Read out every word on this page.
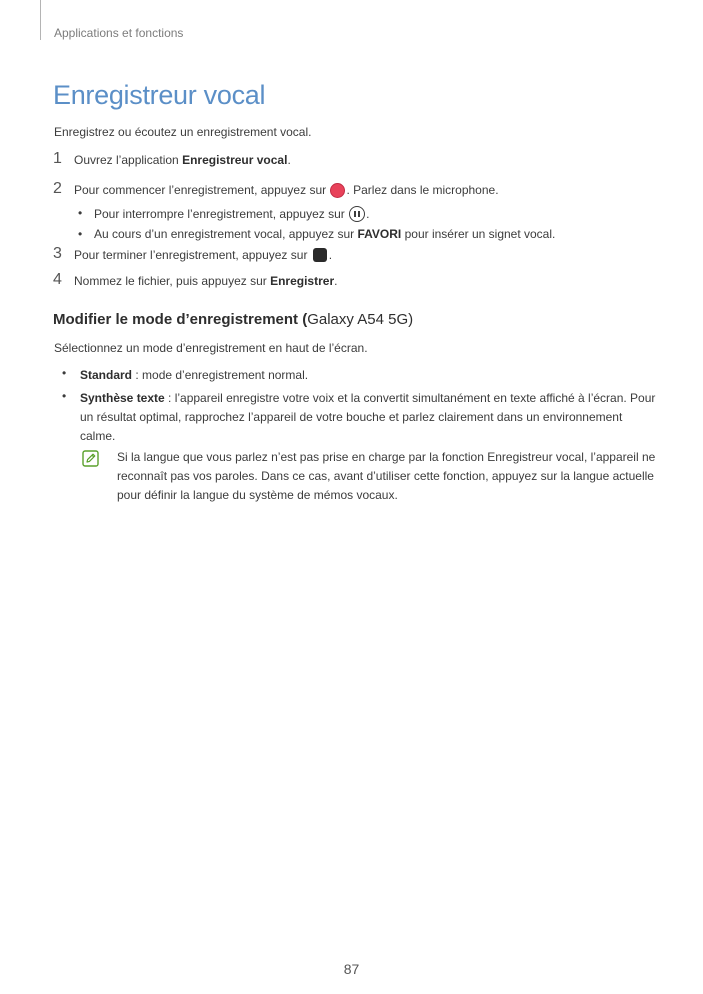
Applications et fonctions
Enregistreur vocal
Enregistrez ou écoutez un enregistrement vocal.
1 Ouvrez l’application Enregistreur vocal.
2 Pour commencer l’enregistrement, appuyez sur . Parlez dans le microphone.
• Pour interrompre l’enregistrement, appuyez sur .
• Au cours d’un enregistrement vocal, appuyez sur FAVORI pour insérer un signet vocal.
3 Pour terminer l’enregistrement, appuyez sur .
4 Nommez le fichier, puis appuyez sur Enregistrer.
Modifier le mode d’enregistrement (Galaxy A54 5G)
Sélectionnez un mode d’enregistrement en haut de l’écran.
• Standard : mode d’enregistrement normal.
• Synthèse texte : l’appareil enregistre votre voix et la convertit simultanément en texte affiché à l’écran. Pour un résultat optimal, rapprochez l’appareil de votre bouche et parlez clairement dans un environnement calme.
Si la langue que vous parlez n’est pas prise en charge par la fonction Enregistreur vocal, l’appareil ne reconnaît pas vos paroles. Dans ce cas, avant d’utiliser cette fonction, appuyez sur la langue actuelle pour définir la langue du système de mémos vocaux.
87
